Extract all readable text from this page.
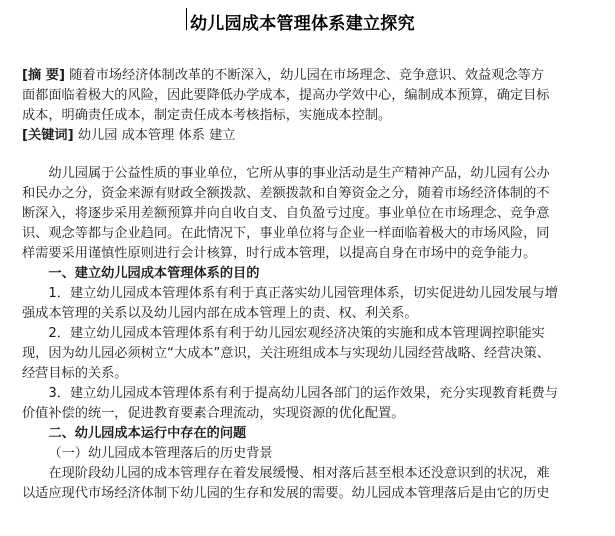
幼儿园成本管理体系建立探究
[摘 要] 随着市场经济体制改革的不断深入，幼儿园在市场理念、竞争意识、效益观念等方
面都面临着极大的风险，因此要降低办学成本，提高办学效中心，编制成本预算，确定目标
成本，明确责任成本，制定责任成本考核指标，实施成本控制。
[关键词] 幼儿园 成本管理 体系 建立

幼儿园属于公益性质的事业单位，它所从事的事业活动是生产精神产品，幼儿园有公办
和民办之分，资金来源有财政全额拨款、差额拨款和自筹资金之分，随着市场经济体制的不
断深入，将逐步采用差额预算并向自收自支、自负盈亏过度。事业单位在市场理念、竞争意
识、观念等都与企业趋同。在此情况下，事业单位将与企业一样面临着极大的市场风险，同
样需要采用谨慎性原则进行会计核算，时行成本管理，以提高自身在市场中的竞争能力。

一、建立幼儿园成本管理体系的目的

1．建立幼儿园成本管理体系有利于真正落实幼儿园管理体系，切实促进幼儿园发展与增
强成本管理的关系以及幼儿园内部在成本管理上的责、权、利关系。

2．建立幼儿园成本管理体系有利于幼儿园宏观经济决策的实施和成本管理调控职能实
现，因为幼儿园必须树立“大成本”意识，关注班组成本与实现幼儿园经营战略、经营决策、
经营目标的关系。

3．建立幼儿园成本管理体系有利于提高幼儿园各部门的运作效果，充分实现教育耗费与
价值补偿的统一，促进教育要素合理流动，实现资源的优化配置。

二、幼儿园成本运行中存在的问题

（一）幼儿园成本管理落后的历史背景

在现阶段幼儿园的成本管理存在着发展缓慢、相对落后甚至根本还没意识到的状况，难
以适应现代市场经济体制下幼儿园的生存和发展的需要。幼儿园成本管理落后是由它的历史
